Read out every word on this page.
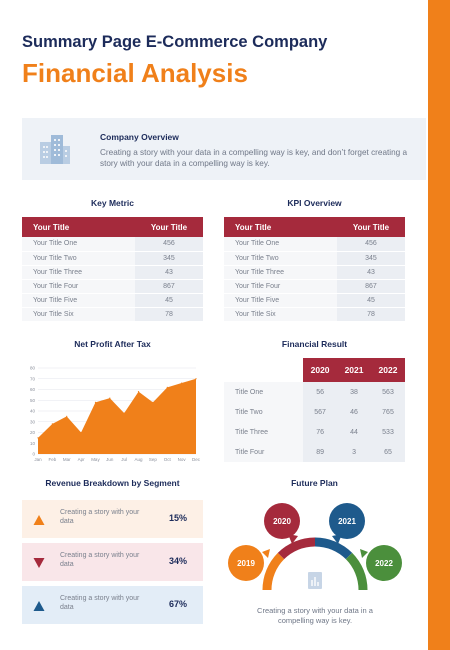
Summary Page E-Commerce Company
Financial Analysis
Company Overview
Creating a story with your data in a compelling way is key, and don’t forget creating a story with your data in a compelling way is key.
Key Metric
Your Title	Your Title
Your Title One	456
Your Title Two	345
Your Title Three	43
Your Title Four	867
Your Title Five	45
Your Title Six	78
KPI Overview
Your Title	Your Title
Your Title One	456
Your Title Two	345
Your Title Three	43
Your Title Four	867
Your Title Five	45
Your Title Six	78
Net Profit After Tax
0
10
20
30
40
50
60
70
80
Jan Feb Mar Apr May Jun Jul Aug Sep Oct Nov Dec
Financial Result
	2020	2021	2022
Title One	56	38	563
Title Two	567	46	765
Title Three	76	44	533
Title Four	89	3	65
Revenue Breakdown by Segment
Creating a story with your data	15%
Creating a story with your data	34%
Creating a story with your data	67%
Future Plan
2019
2020	2021
2022
Creating a story with your data in a compelling way is key.
